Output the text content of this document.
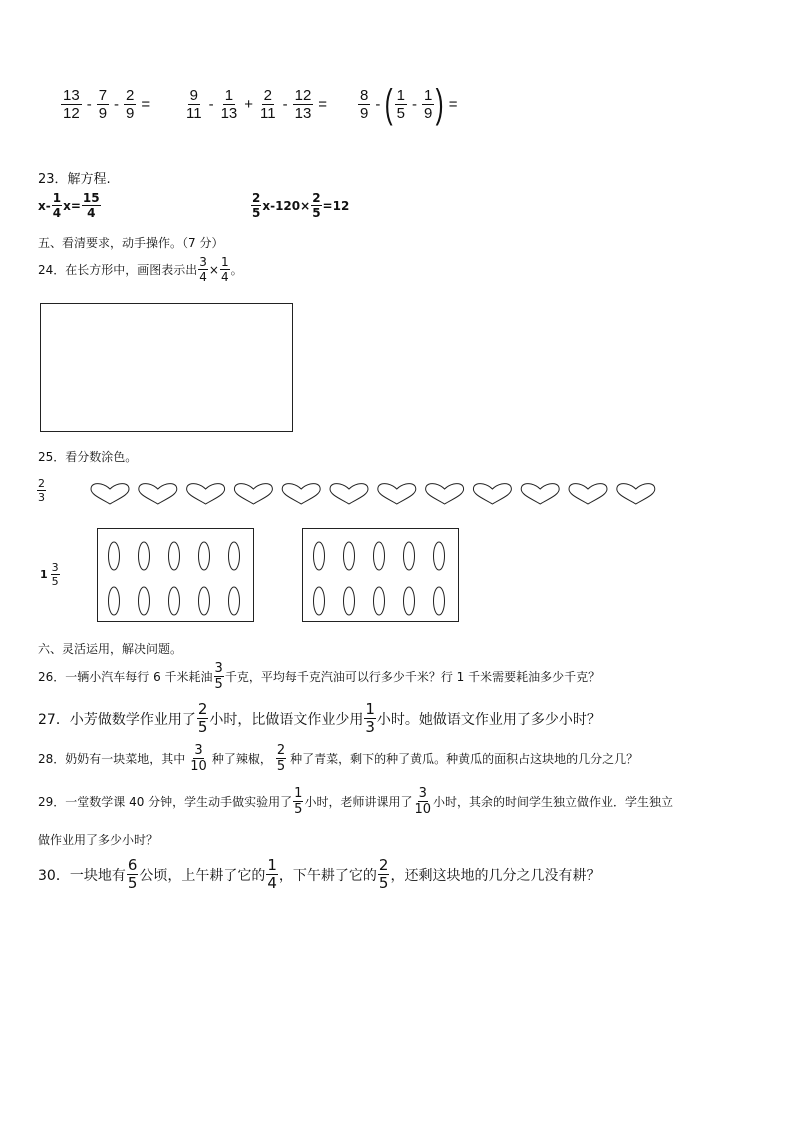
$\frac{13}{12} - \frac{7}{9} - \frac{2}{9} = \frac{9}{11} - \frac{1}{13} + \frac{2}{11} - \frac{12}{13} = \frac{8}{9}$ - ( $\frac{1}{5} - \frac{1}{9}$ ) =
23．解方程.
$x- \frac{1}{4} x= \frac{15}{4}$	$\frac{2}{5} x-120\times \frac{2}{5} =12$
五、看清要求，动手操作。（7 分）
24．在长方形中，画图表示出 $\frac{3}{4} \times \frac{1}{4}$ 。
25．看分数涂色。
$\frac{2}{3}$
$1 \frac{3}{5}$
六、灵活运用，解决问题。
26．一辆小汽车每行 6 千米耗油 $\frac{3}{5}$ 千克，平均每千克汽油可以行多少千米？行 1 千米需要耗油多少千克？
27．小芳做数学作业用了 $\frac{2}{5}$ 小时，比做语文作业少用 $\frac{1}{3}$ 小时。她做语文作业用了多少小时？
28．奶奶有一块菜地，其中 $\frac{3}{10}$ 种了辣椒， $\frac{2}{5}$ 种了青菜，剩下的种了黄瓜。种黄瓜的面积占这块地的几分之几？
29．一堂数学课 40 分钟，学生动手做实验用了 $\frac{1}{5}$ 小时，老师讲课用了 $\frac{3}{10}$ 小时，其余的时间学生独立做作业．学生独立
做作业用了多少小时？
30．一块地有 $\frac{6}{5}$ 公顷，上午耕了它的 $\frac{1}{4}$ ，下午耕了它的 $\frac{2}{5}$ ，还剩这块地的几分之几没有耕？
